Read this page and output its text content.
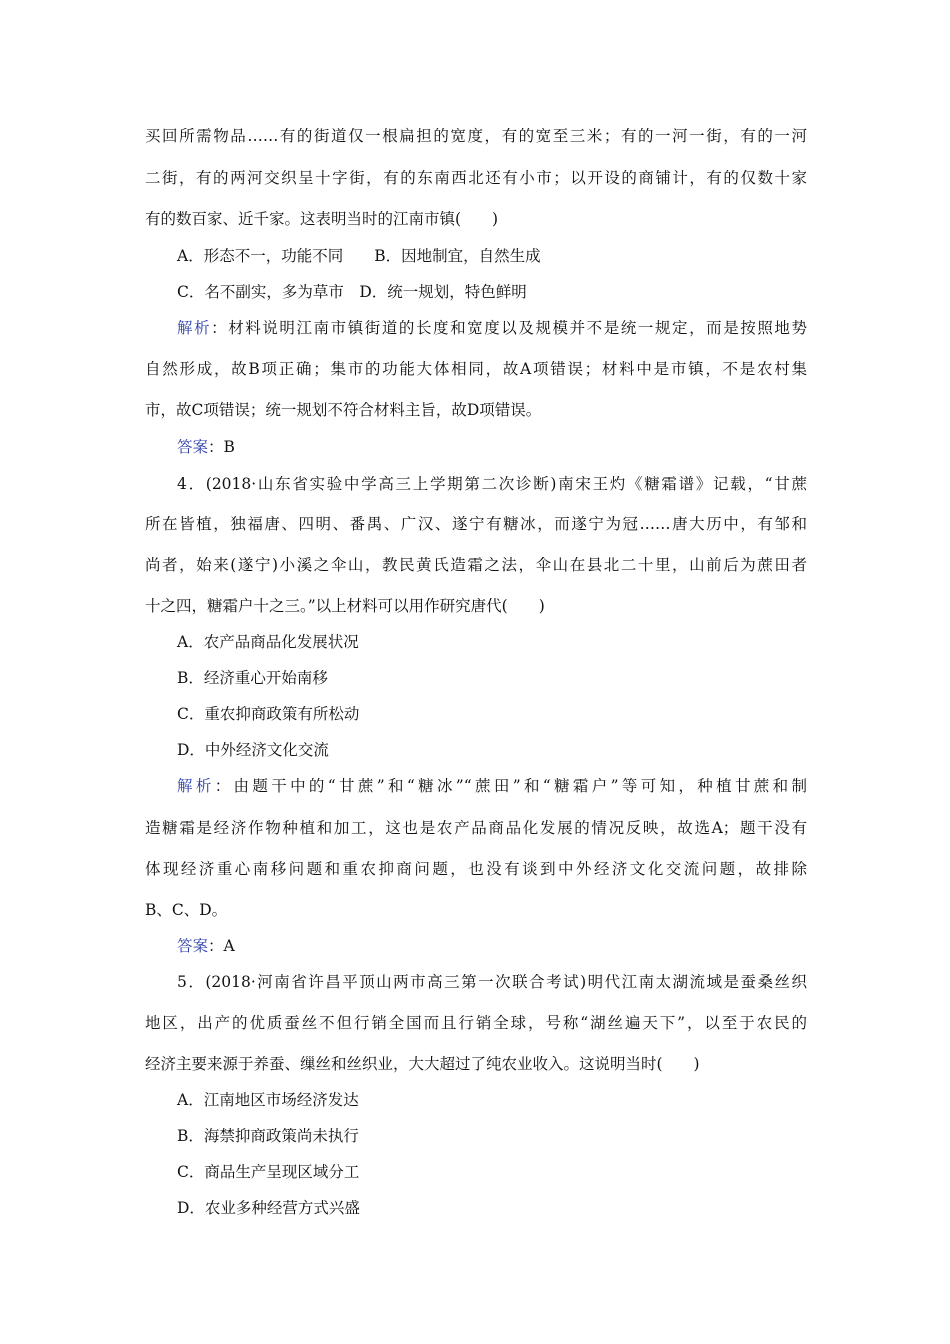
买回所需物品……有的街道仅一根扁担的宽度，有的宽至三米；有的一河一街，有的一河
二街，有的两河交织呈十字街，有的东南西北还有小市；以开设的商铺计，有的仅数十家
有的数百家、近千家。这表明当时的江南市镇(　　)
A．形态不一，功能不同　　B．因地制宜，自然生成
C．名不副实，多为草市　D．统一规划，特色鲜明
解析：材料说明江南市镇街道的长度和宽度以及规模并不是统一规定，而是按照地势
自然形成，故B项正确；集市的功能大体相同，故A项错误；材料中是市镇，不是农村集
市，故C项错误；统一规划不符合材料主旨，故D项错误。
答案：B
4．(2018·山东省实验中学高三上学期第二次诊断)南宋王灼《糖霜谱》记载，“甘蔗
所在皆植，独福唐、四明、番禺、广汉、遂宁有糖冰，而遂宁为冠……唐大历中，有邹和
尚者，始来(遂宁)小溪之伞山，教民黄氏造霜之法，伞山在县北二十里，山前后为蔗田者
十之四，糖霜户十之三。”以上材料可以用作研究唐代(　　)
A．农产品商品化发展状况
B．经济重心开始南移
C．重农抑商政策有所松动
D．中外经济文化交流
解析：由题干中的“甘蔗”和“糖冰”“蔗田”和“糖霜户”等可知，种植甘蔗和制
造糖霜是经济作物种植和加工，这也是农产品商品化发展的情况反映，故选A；题干没有
体现经济重心南移问题和重农抑商问题，也没有谈到中外经济文化交流问题，故排除
B、C、D。
答案：A
5．(2018·河南省许昌平顶山两市高三第一次联合考试)明代江南太湖流域是蚕桑丝织
地区，出产的优质蚕丝不但行销全国而且行销全球，号称“湖丝遍天下”，以至于农民的
经济主要来源于养蚕、缫丝和丝织业，大大超过了纯农业收入。这说明当时(　　)
A．江南地区市场经济发达
B．海禁抑商政策尚未执行
C．商品生产呈现区域分工
D．农业多种经营方式兴盛
